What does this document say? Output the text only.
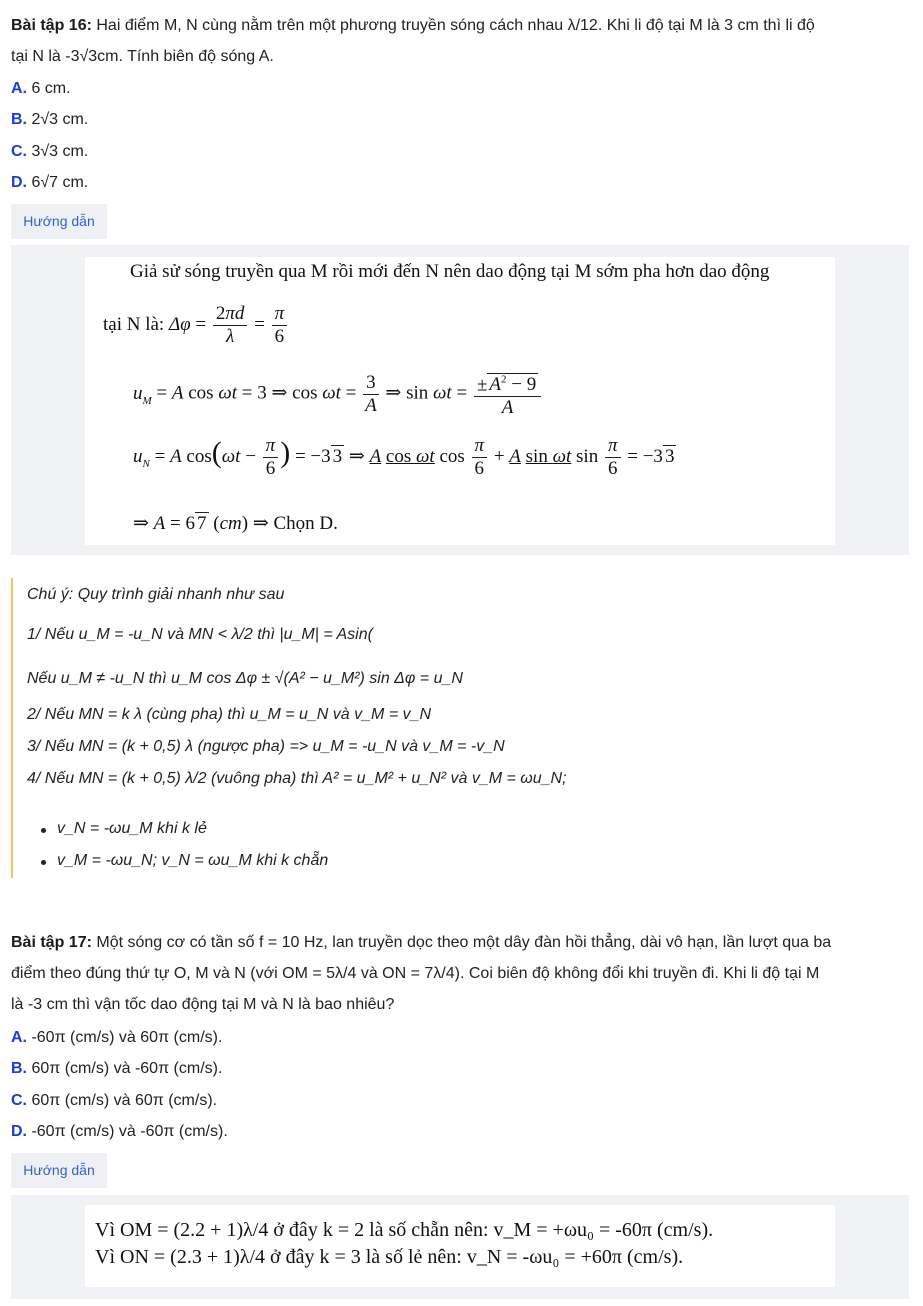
Bài tập 16: Hai điểm M, N cùng nằm trên một phương truyền sóng cách nhau λ/12. Khi li độ tại M là 3 cm thì li độ
tại N là -3√3cm. Tính biên độ sóng A.
A. 6 cm.
B. 2√3 cm.
C. 3√3 cm.
D. 6√7 cm.
Hướng dẫn
Giả sử sóng truyền qua M rồi mới đến N nên dao động tại M sớm pha hơn dao động
tại N là: $\Delta\varphi = \frac{2\pi d}{\lambda} = \frac{\pi}{6}$
$u_M = A$ cos ωt = 3 ⇒ $\cos \omega t = \frac{3}{A}$ ⇒ $\sin \omega t = \frac{\pm A^2 - 9}{A}$
$u_N = A$ $\cos(\omega t - \frac{\pi}{6}$ ) = −3 3 ⇒ A cos ωt $\cos \frac{\pi}{6} + A$ sin ωt $\sin \frac{\pi}{6} = -3$ 3
⇒ A = 6 7 (cm) ⇒ Chọn D.
Chú ý: Quy trình giải nhanh như sau
1/ Nếu u_M = -u_N và MN < λ/2 thì |u_M| = Asin(
Nếu u_M ≠ -u_N thì u_M cos Δφ ± √(A² − u_M²) sin Δφ = u_N
2/ Nếu MN = k λ (cùng pha) thì u_M = u_N và v_M = v_N
3/ Nếu MN = (k + 0,5) λ (ngược pha) => u_M = -u_N và v_M = -v_N
4/ Nếu MN = (k + 0,5) λ/2 (vuông pha) thì A² = u_M² + u_N² và v_M = ωu_N;
v_N = -ωu_M khi k lẻ
v_M = -ωu_N; v_N = ωu_M khi k chẵn
Bài tập 17: Một sóng cơ có tần số f = 10 Hz, lan truyền dọc theo một dây đàn hồi thẳng, dài vô hạn, lần lượt qua ba
điểm theo đúng thứ tự O, M và N (với OM = 5λ/4 và ON = 7λ/4). Coi biên độ không đổi khi truyền đi. Khi li độ tại M
là -3 cm thì vận tốc dao động tại M và N là bao nhiêu?
A. -60π (cm/s) và 60π (cm/s).
B. 60π (cm/s) và -60π (cm/s).
C. 60π (cm/s) và 60π (cm/s).
D. -60π (cm/s) và -60π (cm/s).
Hướng dẫn
Vì OM = (2.2 + 1)λ/4 ở đây k = 2 là số chẵn nên: v_M = +ωu₀ = -60π (cm/s).
Vì ON = (2.3 + 1)λ/4 ở đây k = 3 là số lẻ nên: v_N = -ωu₀ = +60π (cm/s).
